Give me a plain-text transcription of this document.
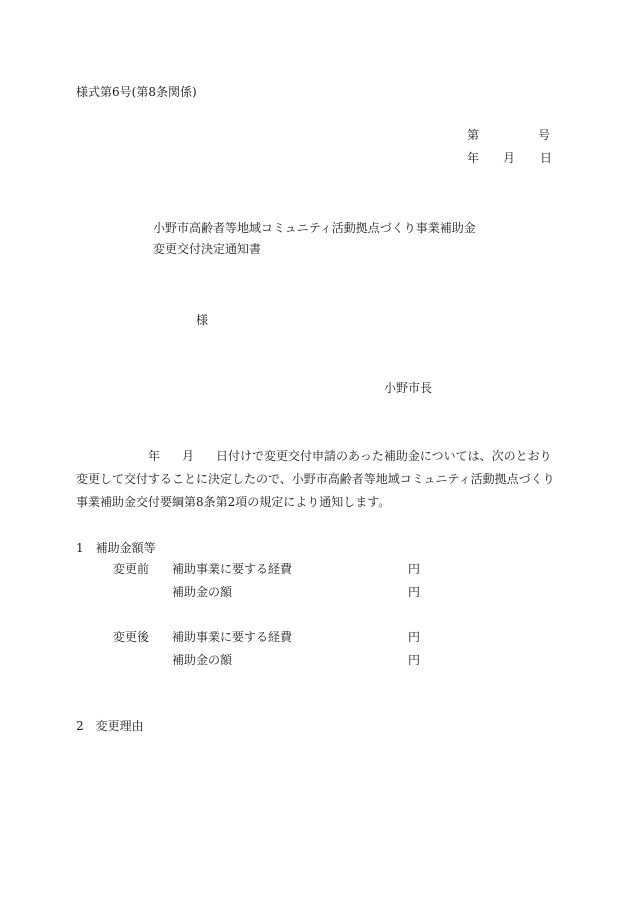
様式第6号(第8条関係)
第	号
年 月 日
小野市高齢者等地域コミュニティ活動拠点づくり事業補助金
変更交付決定通知書
様
小野市長
年 月 日付けで変更交付申請のあった補助金については、次のとおり
変更して交付することに決定したので、小野市高齢者等地域コミュニティ活動拠点づくり
事業補助金交付要綱第8条第2項の規定により通知します。
1　補助金額等
変更前 補助事業に要する経費	円
補助金の額	円
変更後 補助事業に要する経費	円
補助金の額	円
2　変更理由
